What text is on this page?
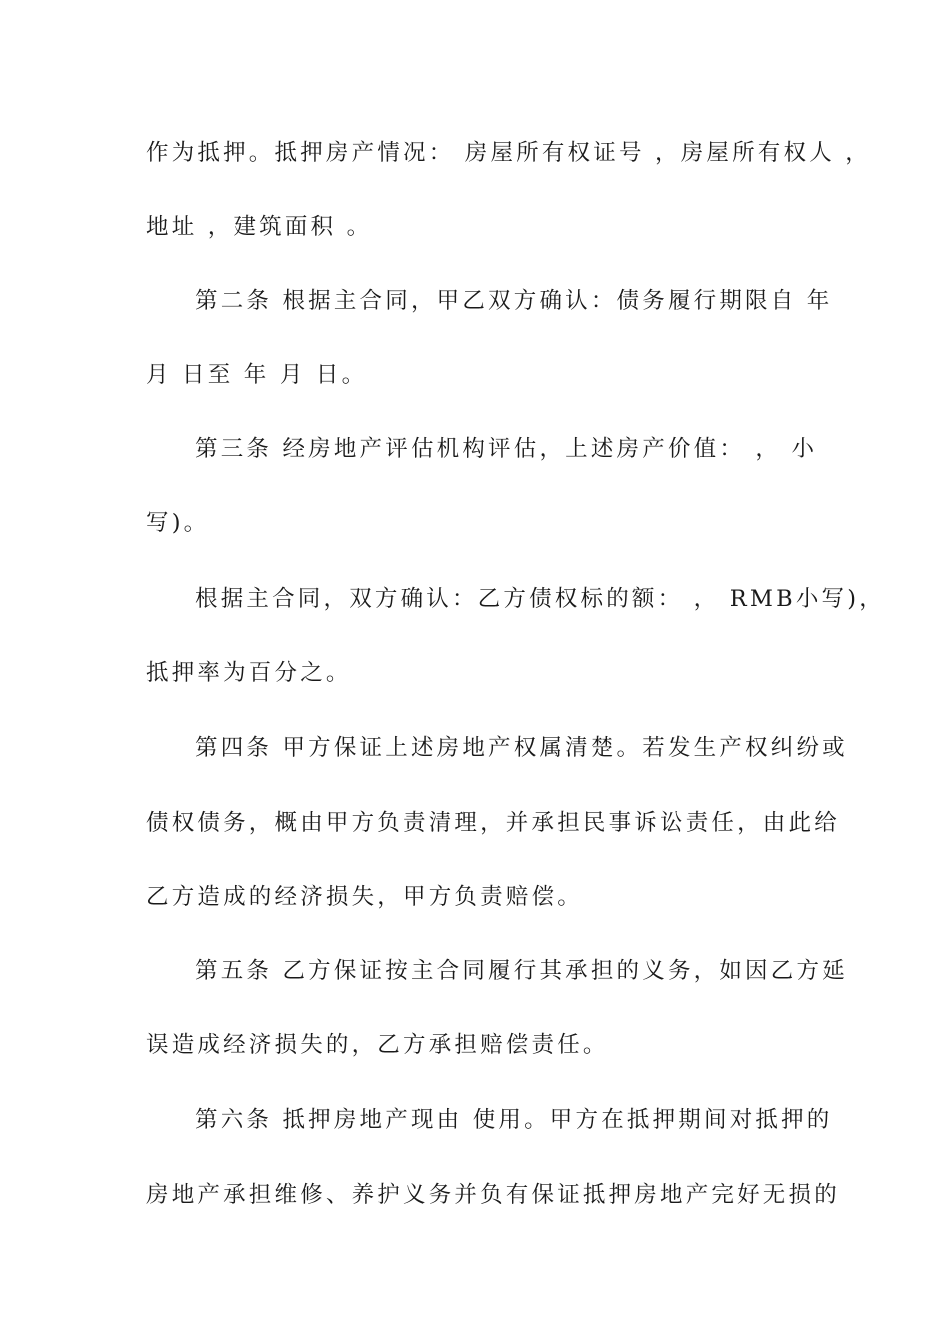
作为抵押。抵押房产情况： 房屋所有权证号 ，房屋所有权人 ，
地址 ，建筑面积 。
第二条 根据主合同，甲乙双方确认：债务履行期限自 年
月 日至 年 月 日。
第三条 经房地产评估机构评估，上述房产价值： ， 小
写)。
根据主合同，双方确认：乙方债权标的额： ， RMB小写)，
抵押率为百分之。
第四条 甲方保证上述房地产权属清楚。若发生产权纠纷或
债权债务，概由甲方负责清理，并承担民事诉讼责任，由此给
乙方造成的经济损失，甲方负责赔偿。
第五条 乙方保证按主合同履行其承担的义务，如因乙方延
误造成经济损失的，乙方承担赔偿责任。
第六条 抵押房地产现由 使用。甲方在抵押期间对抵押的
房地产承担维修、养护义务并负有保证抵押房地产完好无损的
